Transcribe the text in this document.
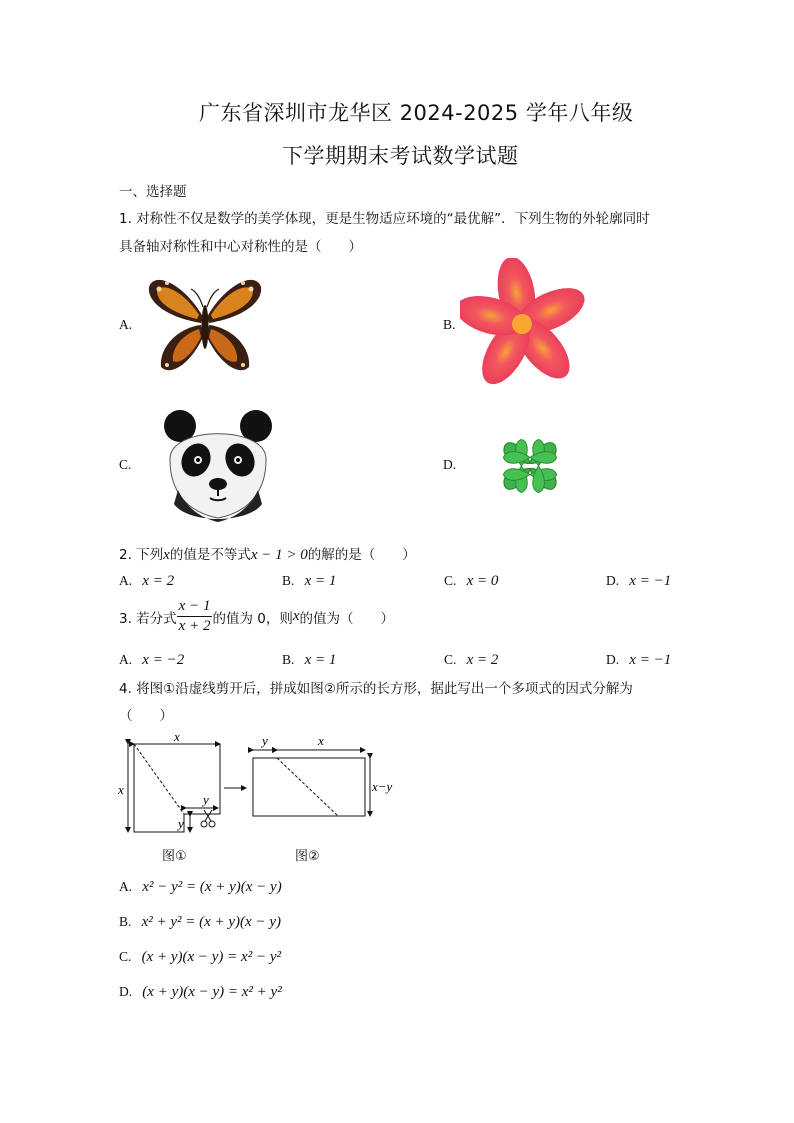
广东省深圳市龙华区 2024-2025 学年八年级
下学期期末考试数学试题
一、选择题
1. 对称性不仅是数学的美学体现，更是生物适应环境的“最优解”．下列生物的外轮廓同时
具备轴对称性和中心对称性的是（　　）
A.	B.
C.	D.
2. 下列x的值是不等式x − 1 > 0的解的是（　　）
A. x = 2	B. x = 1	C. x = 0	D. x = −1
3. 若分式 $\frac{x - 1}{x + 2}$ 的值为 0，则 x 的值为（　　）
A. x = −2	B. x = 1	C. x = 2	D. x = −1
4. 将图①沿虚线剪开后，拼成如图②所示的长方形，据此写出一个多项式的因式分解为
（　　）
x
x
y
y
y	x
x−y
图①	图②
A. x² − y² = (x + y)(x − y)
B. x² + y² = (x + y)(x − y)
C. (x + y)(x − y) = x² − y²
D. (x + y)(x − y) = x² + y²
